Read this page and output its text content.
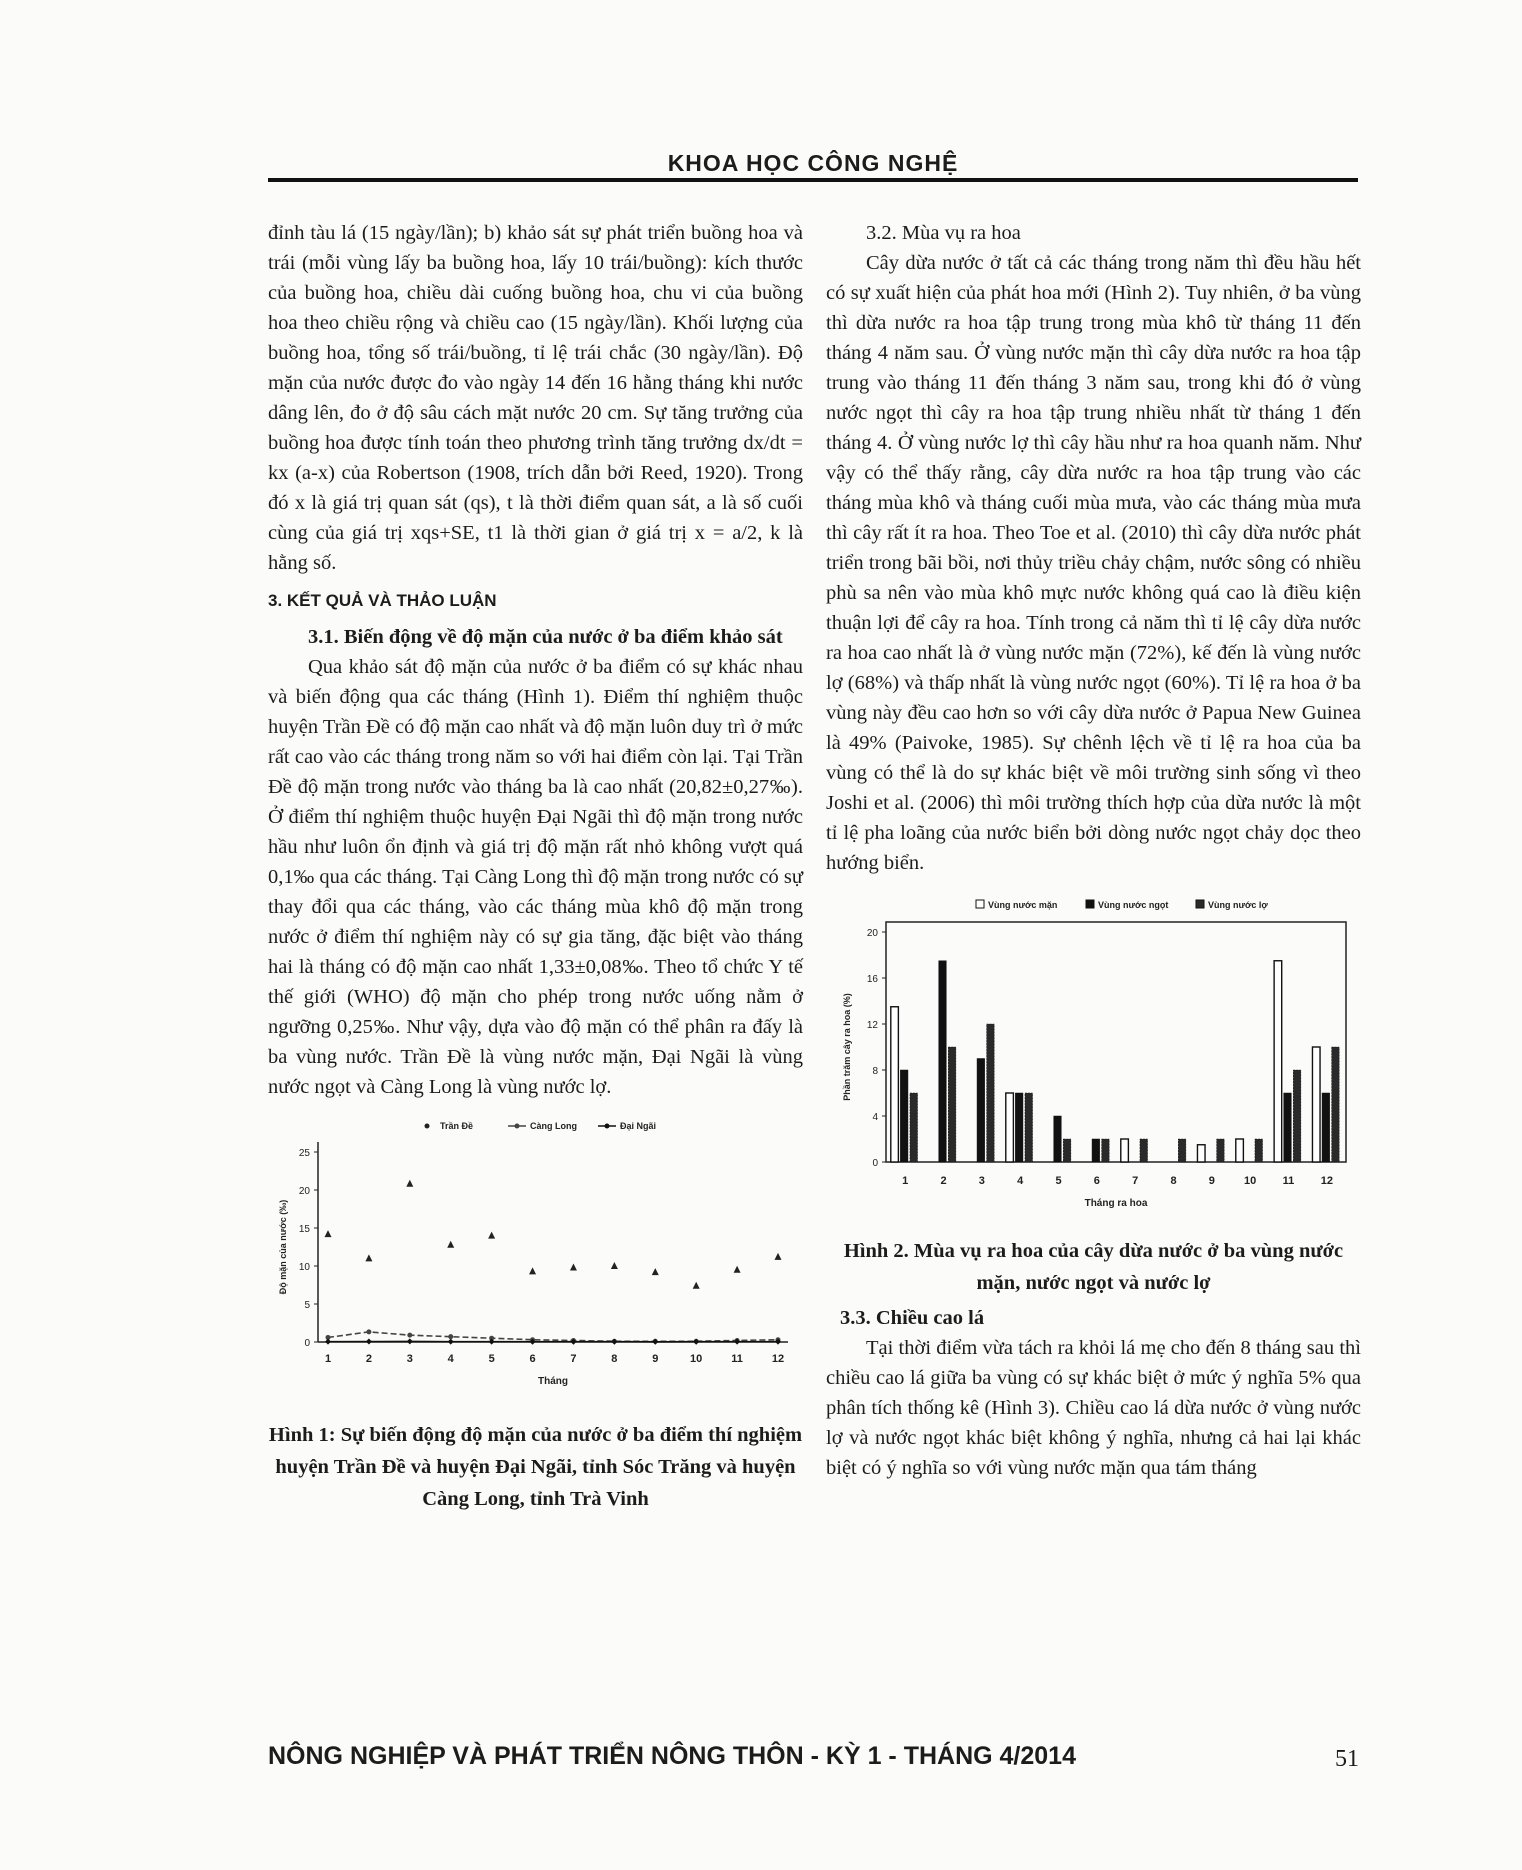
KHOA HỌC CÔNG NGHỆ

đỉnh tàu lá (15 ngày/lần); b) khảo sát sự phát triển buồng hoa và trái (mỗi vùng lấy ba buồng hoa, lấy 10 trái/buồng): kích thước của buồng hoa, chiều dài cuống buồng hoa, chu vi của buồng hoa theo chiều rộng và chiều cao (15 ngày/lần). Khối lượng của buồng hoa, tổng số trái/buồng, tỉ lệ trái chắc (30 ngày/lần). Độ mặn của nước được đo vào ngày 14 đến 16 hằng tháng khi nước dâng lên, đo ở độ sâu cách mặt nước 20 cm. Sự tăng trưởng của buồng hoa được tính toán theo phương trình tăng trưởng dx/dt = kx (a-x) của Robertson (1908, trích dẫn bởi Reed, 1920). Trong đó x là giá trị quan sát (qs), t là thời điểm quan sát, a là số cuối cùng của giá trị xqs+SE, t1 là thời gian ở giá trị x = a/2, k là hằng số.

3. KẾT QUẢ VÀ THẢO LUẬN

3.1. Biến động về độ mặn của nước ở ba điểm khảo sát

Qua khảo sát độ mặn của nước ở ba điểm có sự khác nhau và biến động qua các tháng (Hình 1). Điểm thí nghiệm thuộc huyện Trần Đề có độ mặn cao nhất và độ mặn luôn duy trì ở mức rất cao vào các tháng trong năm so với hai điểm còn lại. Tại Trần Đề độ mặn trong nước vào tháng ba là cao nhất (20,82±0,27‰). Ở điểm thí nghiệm thuộc huyện Đại Ngãi thì độ mặn trong nước hầu như luôn ổn định và giá trị độ mặn rất nhỏ không vượt quá 0,1‰ qua các tháng. Tại Càng Long thì độ mặn trong nước có sự thay đổi qua các tháng, vào các tháng mùa khô độ mặn trong nước ở điểm thí nghiệm này có sự gia tăng, đặc biệt vào tháng hai là tháng có độ mặn cao nhất 1,33±0,08‰. Theo tổ chức Y tế thế giới (WHO) độ mặn cho phép trong nước uống nằm ở ngưỡng 0,25‰. Như vậy, dựa vào độ mặn có thể phân ra đấy là ba vùng nước. Trần Đề là vùng nước mặn, Đại Ngãi là vùng nước ngọt và Càng Long là vùng nước lợ.

0
5
10
15
20
25
1	2	3	4	5	6	7	8	9	10	11	12
Tháng
Độ mặn của nước (‰)
Trần Đề	Càng Long	Đại Ngãi
Hình 1: Sự biến động độ mặn của nước ở ba điểm thí nghiệm huyện Trần Đề và huyện Đại Ngãi, tỉnh Sóc Trăng và huyện Càng Long, tỉnh Trà Vinh

3.2. Mùa vụ ra hoa

Cây dừa nước ở tất cả các tháng trong năm thì đều hầu hết có sự xuất hiện của phát hoa mới (Hình 2). Tuy nhiên, ở ba vùng thì dừa nước ra hoa tập trung trong mùa khô từ tháng 11 đến tháng 4 năm sau. Ở vùng nước mặn thì cây dừa nước ra hoa tập trung vào tháng 11 đến tháng 3 năm sau, trong khi đó ở vùng nước ngọt thì cây ra hoa tập trung nhiều nhất từ tháng 1 đến tháng 4. Ở vùng nước lợ thì cây hầu như ra hoa quanh năm. Như vậy có thể thấy rằng, cây dừa nước ra hoa tập trung vào các tháng mùa khô và tháng cuối mùa mưa, vào các tháng mùa mưa thì cây rất ít ra hoa. Theo Toe et al. (2010) thì cây dừa nước phát triển trong bãi bồi, nơi thủy triều chảy chậm, nước sông có nhiều phù sa nên vào mùa khô mực nước không quá cao là điều kiện thuận lợi để cây ra hoa. Tính trong cả năm thì tỉ lệ cây dừa nước ra hoa cao nhất là ở vùng nước mặn (72%), kế đến là vùng nước lợ (68%) và thấp nhất là vùng nước ngọt (60%). Tỉ lệ ra hoa ở ba vùng này đều cao hơn so với cây dừa nước ở Papua New Guinea là 49% (Paivoke, 1985). Sự chênh lệch về tỉ lệ ra hoa của ba vùng có thể là do sự khác biệt về môi trường sinh sống vì theo Joshi et al. (2006) thì môi trường thích hợp của dừa nước là một tỉ lệ pha loãng của nước biển bởi dòng nước ngọt chảy dọc theo hướng biển.

0
4
8
12
16
20
1	2	3	4	5	6	7	8	9	10 11 12
Tháng ra hoa
Phần trăm cây ra hoa (%)
Vùng nước mặn	Vùng nước ngọt	Vùng nước lợ
Hình 2. Mùa vụ ra hoa của cây dừa nước ở ba vùng nước mặn, nước ngọt và nước lợ

3.3. Chiều cao lá

Tại thời điểm vừa tách ra khỏi lá mẹ cho đến 8 tháng sau thì chiều cao lá giữa ba vùng có sự khác biệt ở mức ý nghĩa 5% qua phân tích thống kê (Hình 3). Chiều cao lá dừa nước ở vùng nước lợ và nước ngọt khác biệt không ý nghĩa, nhưng cả hai lại khác biệt có ý nghĩa so với vùng nước mặn qua tám tháng

NÔNG NGHIỆP VÀ PHÁT TRIỂN NÔNG THÔN - KỲ 1 - THÁNG 4/2014	51
